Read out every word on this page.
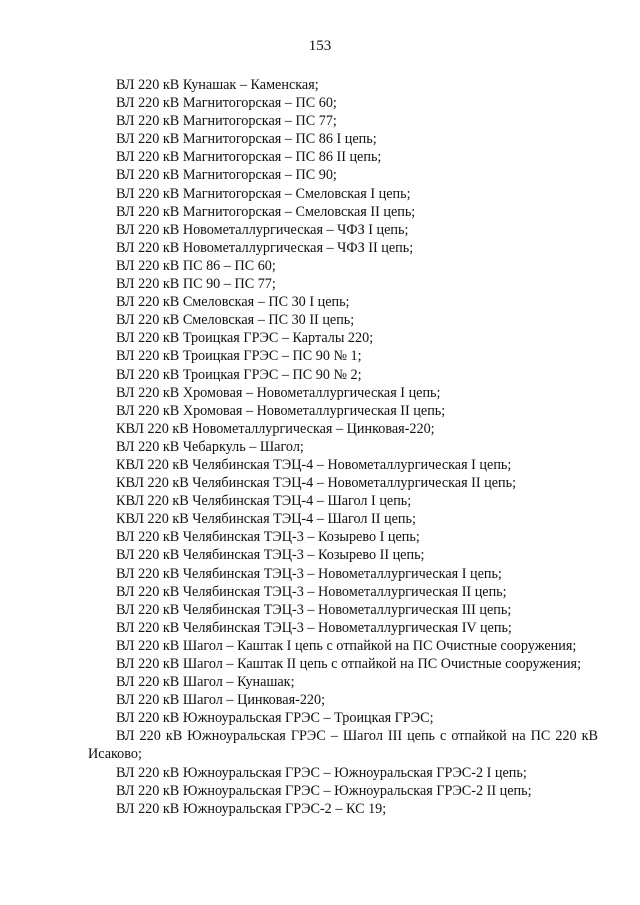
153
ВЛ 220 кВ Кунашак – Каменская;
ВЛ 220 кВ Магнитогорская – ПС 60;
ВЛ 220 кВ Магнитогорская – ПС 77;
ВЛ 220 кВ Магнитогорская – ПС 86 I цепь;
ВЛ 220 кВ Магнитогорская – ПС 86 II цепь;
ВЛ 220 кВ Магнитогорская – ПС 90;
ВЛ 220 кВ Магнитогорская – Смеловская I цепь;
ВЛ 220 кВ Магнитогорская – Смеловская II цепь;
ВЛ 220 кВ Новометаллургическая – ЧФЗ I цепь;
ВЛ 220 кВ Новометаллургическая – ЧФЗ II цепь;
ВЛ 220 кВ ПС 86 – ПС 60;
ВЛ 220 кВ ПС 90 – ПС 77;
ВЛ 220 кВ Смеловская – ПС 30 I цепь;
ВЛ 220 кВ Смеловская – ПС 30 II цепь;
ВЛ 220 кВ Троицкая ГРЭС – Карталы 220;
ВЛ 220 кВ Троицкая ГРЭС – ПС 90 № 1;
ВЛ 220 кВ Троицкая ГРЭС – ПС 90 № 2;
ВЛ 220 кВ Хромовая – Новометаллургическая I цепь;
ВЛ 220 кВ Хромовая – Новометаллургическая II цепь;
КВЛ 220 кВ Новометаллургическая – Цинковая-220;
ВЛ 220 кВ Чебаркуль – Шагол;
КВЛ 220 кВ Челябинская ТЭЦ-4 – Новометаллургическая I цепь;
КВЛ 220 кВ Челябинская ТЭЦ-4 – Новометаллургическая II цепь;
КВЛ 220 кВ Челябинская ТЭЦ-4 – Шагол I цепь;
КВЛ 220 кВ Челябинская ТЭЦ-4 – Шагол II цепь;
ВЛ 220 кВ Челябинская ТЭЦ-3 – Козырево I цепь;
ВЛ 220 кВ Челябинская ТЭЦ-3 – Козырево II цепь;
ВЛ 220 кВ Челябинская ТЭЦ-3 – Новометаллургическая I цепь;
ВЛ 220 кВ Челябинская ТЭЦ-3 – Новометаллургическая II цепь;
ВЛ 220 кВ Челябинская ТЭЦ-3 – Новометаллургическая III цепь;
ВЛ 220 кВ Челябинская ТЭЦ-3 – Новометаллургическая IV цепь;
ВЛ 220 кВ Шагол – Каштак I цепь с отпайкой на ПС Очистные сооружения;
ВЛ 220 кВ Шагол – Каштак II цепь с отпайкой на ПС Очистные сооружения;
ВЛ 220 кВ Шагол – Кунашак;
ВЛ 220 кВ Шагол – Цинковая-220;
ВЛ 220 кВ Южноуральская ГРЭС – Троицкая ГРЭС;
ВЛ 220 кВ Южноуральская ГРЭС – Шагол III цепь с отпайкой на ПС 220 кВ Исаково;
ВЛ 220 кВ Южноуральская ГРЭС – Южноуральская ГРЭС-2 I цепь;
ВЛ 220 кВ Южноуральская ГРЭС – Южноуральская ГРЭС-2 II цепь;
ВЛ 220 кВ Южноуральская ГРЭС-2 – КС 19;
